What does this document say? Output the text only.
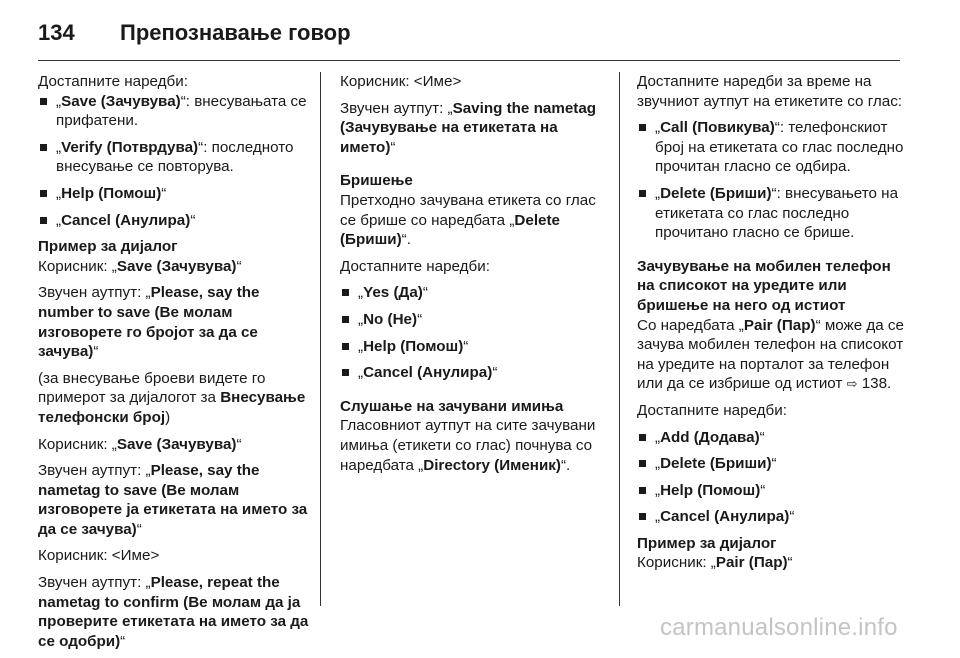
134 Препознавање говор

Достапните наредби:

„Save (Зачувува)“: внесувањата се прифатени.
„Verify (Потврдува)“: последното внесување се повторува.
„Help (Помош)“
„Cancel (Анулира)“

Пример за дијалог

Корисник: „Save (Зачувува)“

Звучен аутпут: „Please, say the number to save (Ве молам изговорете го бројот за да се зачува)“

(за внесување броеви видете го примерот за дијалогот за Внесување телефонски број)

Корисник: „Save (Зачувува)“

Звучен аутпут: „Please, say the nametag to save (Ве молам изговорете ја етикетата на името за да се зачува)“

Корисник: <Име>

Звучен аутпут: „Please, repeat the nametag to confirm (Ве молам да ја проверите етикетата на името за да се одобри)“

Корисник: <Име>

Звучен аутпут: „Saving the nametag (Зачувување на етикетата на името)“

Бришење

Претходно зачувана етикета со глас се брише со наредбата „Delete (Бриши)“.

Достапните наредби:

„Yes (Да)“
„No (Не)“
„Help (Помош)“
„Cancel (Анулира)“

Слушање на зачувани имиња

Гласовниот аутпут на сите зачувани имиња (етикети со глас) почнува со наредбата „Directory (Именик)“.

Достапните наредби за време на звучниот аутпут на етикетите со глас:

„Call (Повикува)“: телефонскиот број на етикетата со глас последно прочитан гласно се одбира.
„Delete (Бриши)“: внесувањето на етикетата со глас последно прочитано гласно се брише.

Зачувување на мобилен телефон на списокот на уредите или бришење на него од истиот

Со наредбата „Pair (Пар)“ може да се зачува мобилен телефон на списокот на уредите на порталот за телефон или да се избрише од истиот ⇨ 138.

Достапните наредби:

„Add (Додава)“
„Delete (Бриши)“
„Help (Помош)“
„Cancel (Анулира)“

Пример за дијалог

Корисник: „Pair (Пар)“

carmanualsonline.info
